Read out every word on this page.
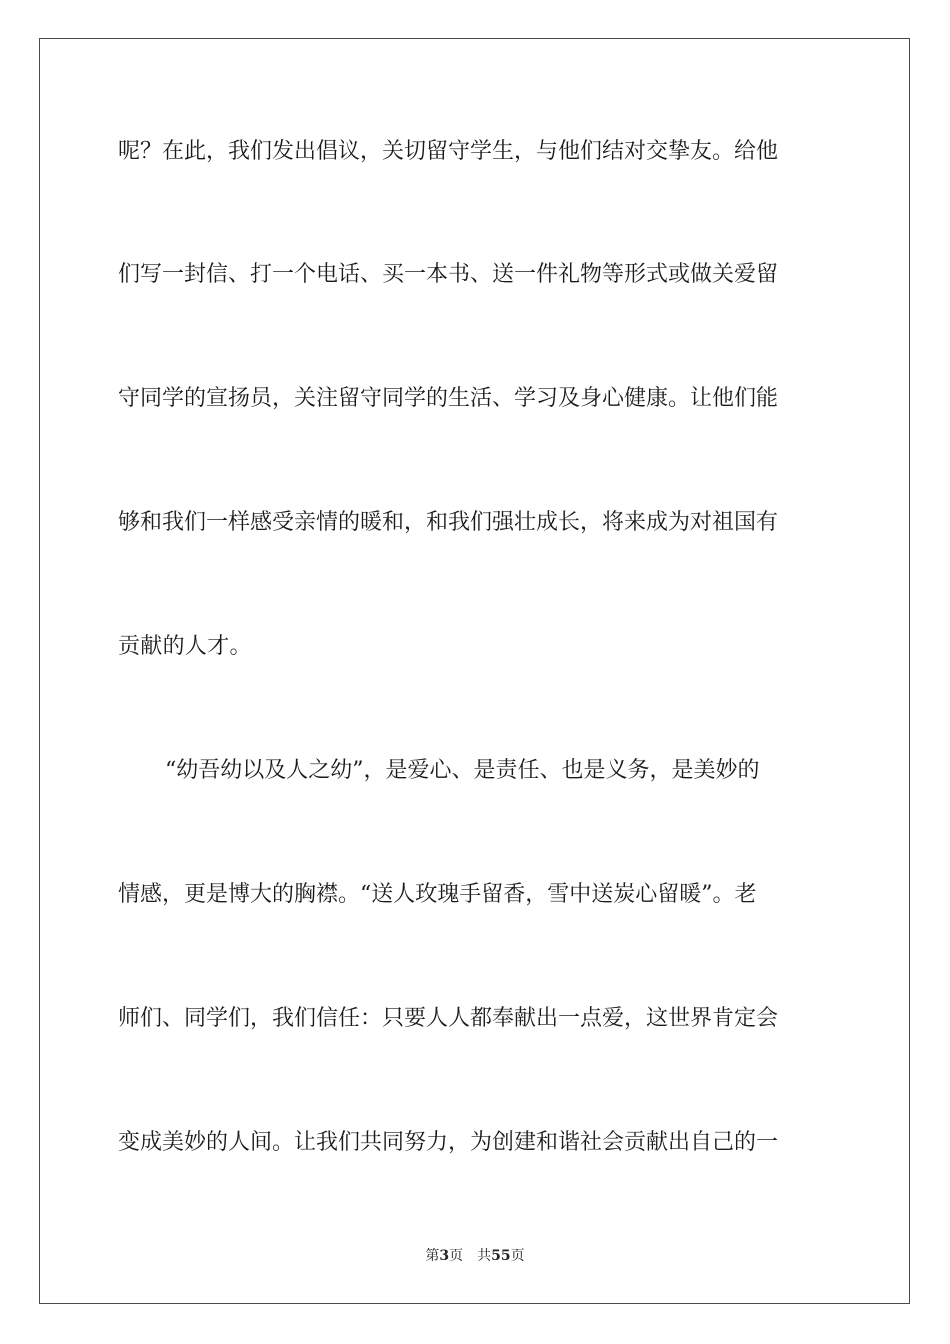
呢？在此，我们发出倡议，关切留守学生，与他们结对交挚友。给他
们写一封信、打一个电话、买一本书、送一件礼物等形式或做关爱留
守同学的宣扬员，关注留守同学的生活、学习及身心健康。让他们能
够和我们一样感受亲情的暖和，和我们强壮成长，将来成为对祖国有
贡献的人才。
“幼吾幼以及人之幼”，是爱心、是责任、也是义务，是美妙的
情感，更是博大的胸襟。“送人玫瑰手留香，雪中送炭心留暖”。老
师们、同学们，我们信任：只要人人都奉献出一点爱，这世界肯定会
变成美妙的人间。让我们共同努力，为创建和谐社会贡献出自己的一
第3页 共55页
